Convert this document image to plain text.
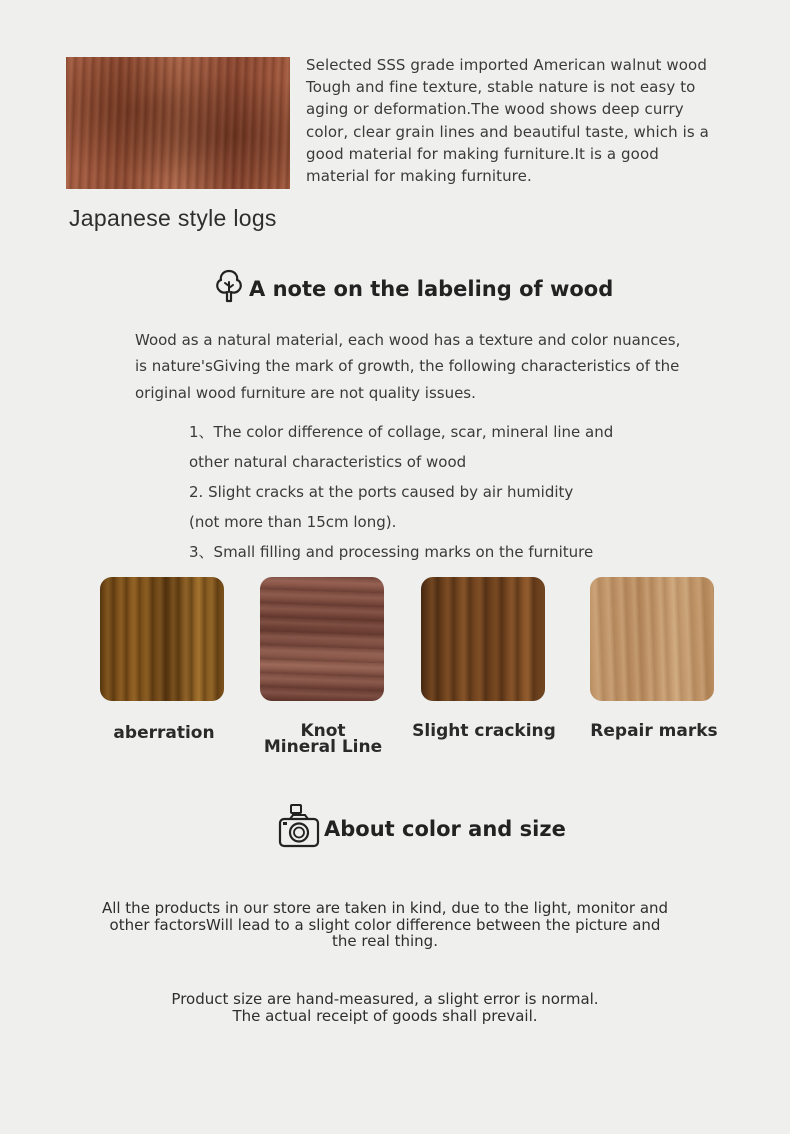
Selected SSS grade imported American walnut wood Tough and fine texture, stable nature is not easy to aging or deformation.The wood shows deep curry color, clear grain lines and beautiful taste, which is a good material for making furniture.It is a good material for making furniture.
Japanese style logs
A note on the labeling of wood
Wood as a natural material, each wood has a texture and color nuances, is nature'sGiving the mark of growth, the following characteristics of the original wood furniture are not quality issues.
1、The color difference of collage, scar, mineral line and
other natural characteristics of wood
2. Slight cracks at the ports caused by air humidity
(not more than 15cm long).
3、Small filling and processing marks on the furniture
aberration	Knot
Mineral Line
Slight cracking	Repair marks
About color and size
All the products in our store are taken in kind, due to the light, monitor and other factorsWill lead to a slight color difference between the picture and the real thing.
Product size are hand-measured, a slight error is normal.
The actual receipt of goods shall prevail.
